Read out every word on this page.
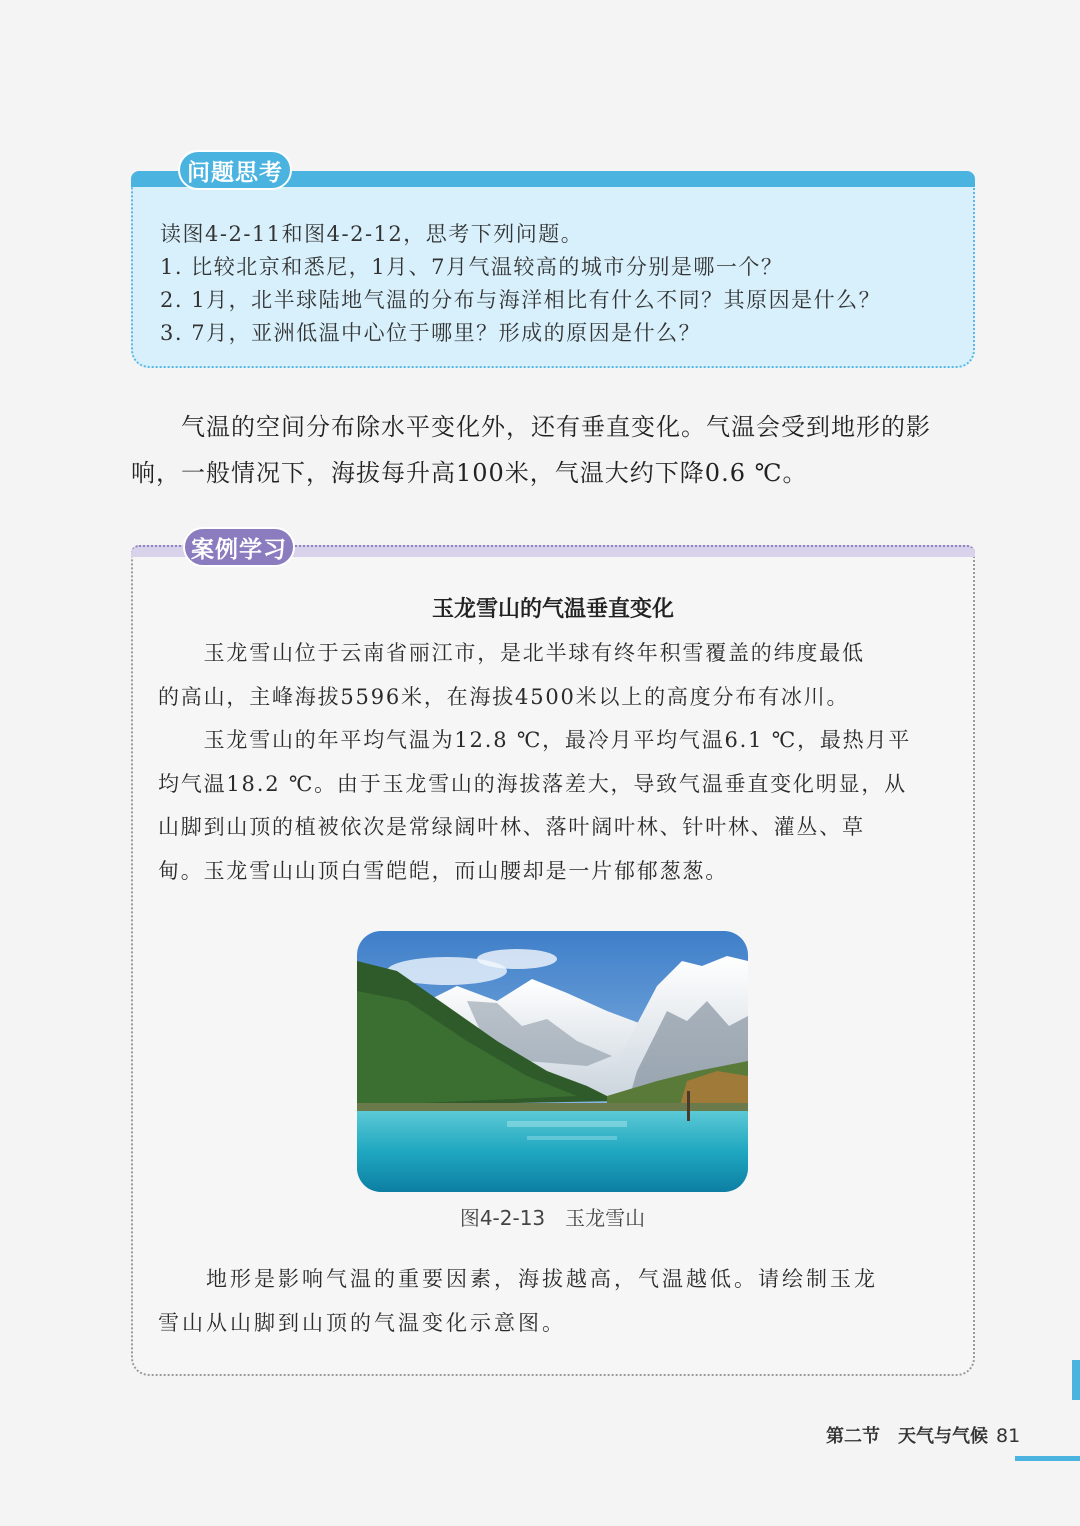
问题思考
读图4-2-11和图4-2-12，思考下列问题。
1. 比较北京和悉尼，1月、7月气温较高的城市分别是哪一个？
2. 1月，北半球陆地气温的分布与海洋相比有什么不同？其原因是什么？
3. 7月，亚洲低温中心位于哪里？形成的原因是什么？
　　气温的空间分布除水平变化外，还有垂直变化。气温会受到地形的影
响，一般情况下，海拔每升高100米，气温大约下降0.6 ℃。
案例学习
玉龙雪山的气温垂直变化
　　玉龙雪山位于云南省丽江市，是北半球有终年积雪覆盖的纬度最低
的高山，主峰海拔5596米，在海拔4500米以上的高度分布有冰川。
　　玉龙雪山的年平均气温为12.8 ℃，最冷月平均气温6.1 ℃，最热月平
均气温18.2 ℃。由于玉龙雪山的海拔落差大，导致气温垂直变化明显，从
山脚到山顶的植被依次是常绿阔叶林、落叶阔叶林、针叶林、灌丛、草
甸。玉龙雪山山顶白雪皑皑，而山腰却是一片郁郁葱葱。
图4-2-13　玉龙雪山
　　地形是影响气温的重要因素，海拔越高，气温越低。请绘制玉龙
雪山从山脚到山顶的气温变化示意图。
第二节　天气与气候 81
